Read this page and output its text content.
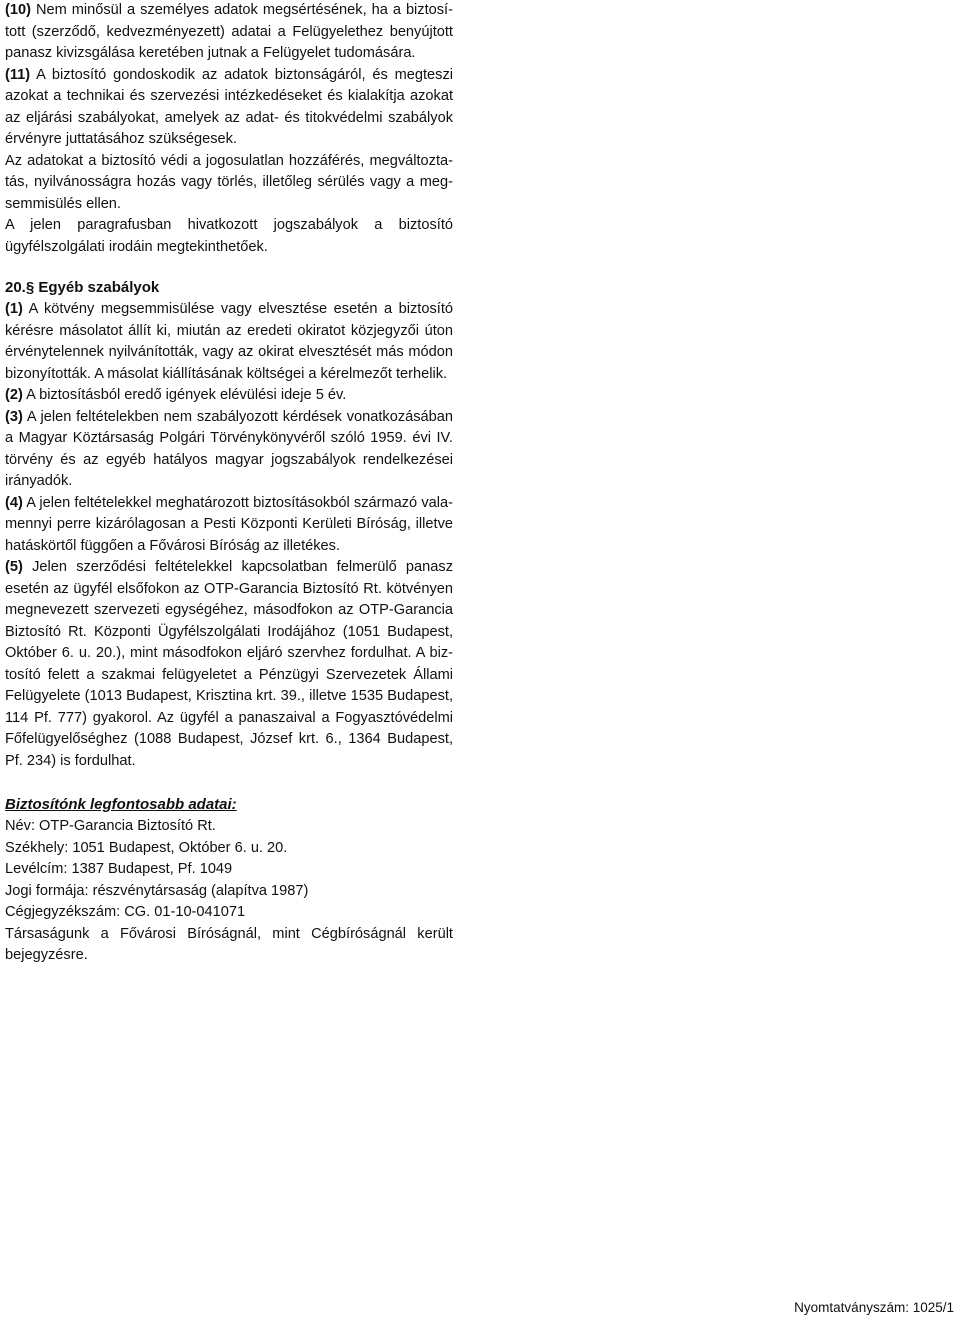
(10) Nem minősül a személyes adatok megsértésének, ha a biztosított (szerződő, kedvezményezett) adatai a Felügyelethez benyújtott panasz kivizsgálása keretében jutnak a Felügyelet tudomására.

(11) A biztosító gondoskodik az adatok biztonságáról, és megteszi azokat a technikai és szervezési intézkedéseket és kialakítja azokat az eljárási szabályokat, amelyek az adat- és titokvédelmi szabályok érvényre juttatásához szükségesek.

Az adatokat a biztosító védi a jogosulatlan hozzáférés, megváltoztatás, nyilvánosságra hozás vagy törlés, illetőleg sérülés vagy a megsemmisülés ellen.

A jelen paragrafusban hivatkozott jogszabályok a biztosító ügyfélszolgálati irodáin megtekinthetőek.

20.§ Egyéb szabályok

(1) A kötvény megsemmisülése vagy elvesztése esetén a biztosító kérésre másolatot állít ki, miután az eredeti okiratot közjegyzői úton érvénytelennek nyilvánították, vagy az okirat elvesztését más módon bizonyították. A másolat kiállításának költségei a kérelmezőt terhelik.

(2) A biztosításból eredő igények elévülési ideje 5 év.

(3) A jelen feltételekben nem szabályozott kérdések vonatkozásában a Magyar Köztársaság Polgári Törvénykönyvéről szóló 1959. évi IV. törvény és az egyéb hatályos magyar jogszabályok rendelkezései irányadók.

(4) A jelen feltételekkel meghatározott biztosításokból származó valamennyi perre kizárólagosan a Pesti Központi Kerületi Bíróság, illetve hatáskörtől függően a Fővárosi Bíróság az illetékes.

(5) Jelen szerződési feltételekkel kapcsolatban felmerülő panasz esetén az ügyfél elsőfokon az OTP-Garancia Biztosító Rt. kötvényen megnevezett szervezeti egységéhez, másodfokon az OTP-Garancia Biztosító Rt. Központi Ügyfélszolgálati Irodájához (1051 Budapest, Október 6. u. 20.), mint másodfokon eljáró szervhez fordulhat. A biztosító felett a szakmai felügyeletet a Pénzügyi Szervezetek Állami Felügyelete (1013 Budapest, Krisztina krt. 39., illetve 1535 Budapest, 114 Pf. 777) gyakorol. Az ügyfél a panaszaival a Fogyasztóvédelmi Főfelügyelőséghez (1088 Budapest, József krt. 6., 1364 Budapest, Pf. 234) is fordulhat.

Biztosítónk legfontosabb adatai:

Név: OTP-Garancia Biztosító Rt.

Székhely: 1051 Budapest, Október 6. u. 20.

Levélcím: 1387 Budapest, Pf. 1049

Jogi formája: részvénytársaság (alapítva 1987)

Cégjegyzékszám: CG. 01-10-041071

Társaságunk a Fővárosi Bíróságnál, mint Cégbíróságnál került bejegyzésre.

Nyomtatványszám: 1025/1
